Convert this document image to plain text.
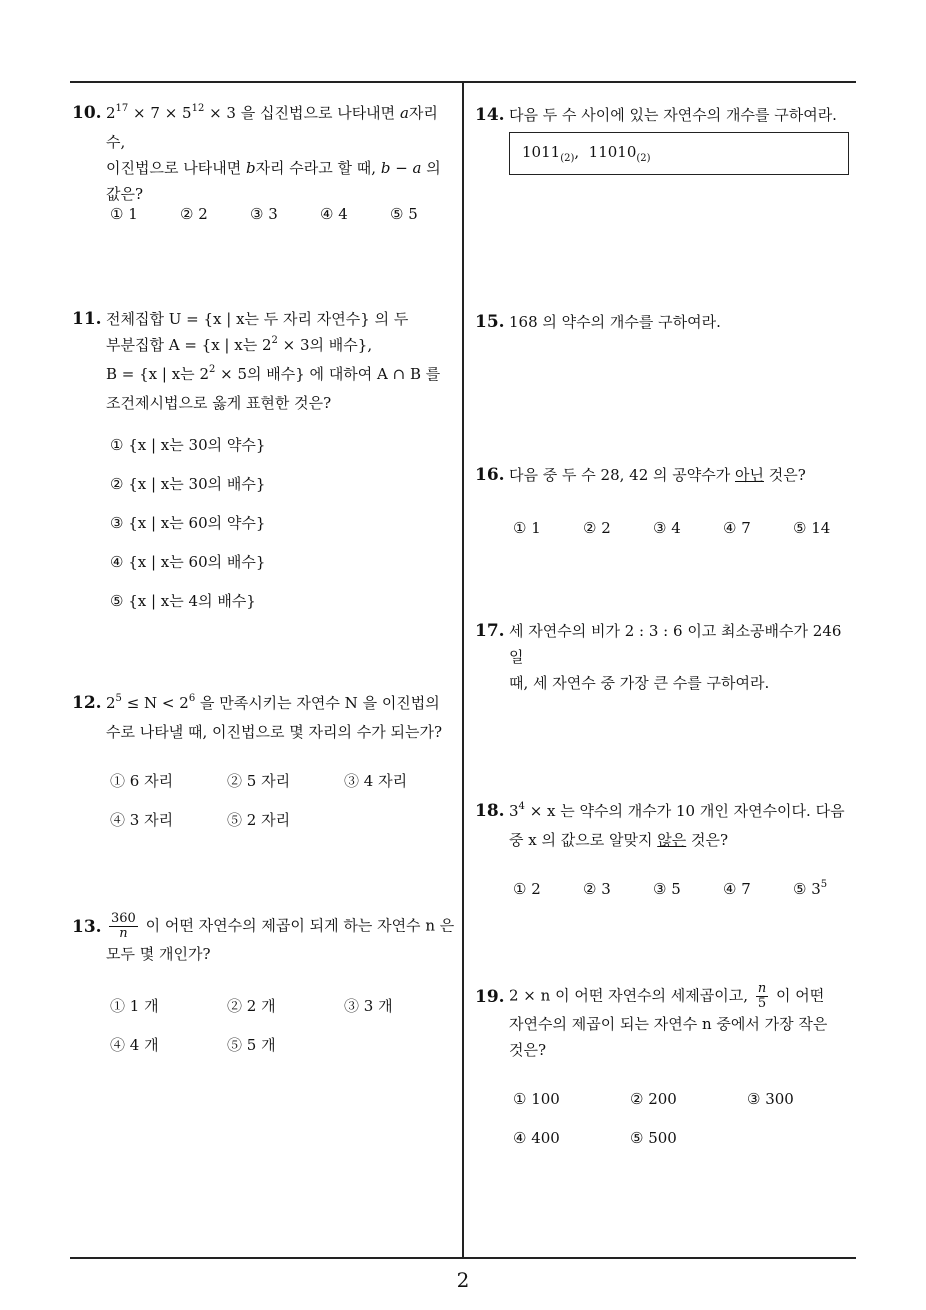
2
10. $2^{17} \times 7 \times 5^{12} \times 3$ 을 십진법으로 나타내면 a자리 수,
이진법으로 나타내면 b자리 수라고 할 때, b − a 의
값은?
① 1	② 2	③ 3	④ 4	⑤ 5
11. 전체집합 U = {x | x는 두 자리 자연수} 의 두
부분집합 A = {x | x는 $2^2 \times 3$의 배수},
B = {x | x는 $2^2 \times 5$의 배수} 에 대하여 A ∩ B 를
조건제시법으로 옳게 표현한 것은?
① {x | x는 30의 약수}
② {x | x는 30의 배수}
③ {x | x는 60의 약수}
④ {x | x는 60의 배수}
⑤ {x | x는 4의 배수}
12. $2^5 \le N < 2^6$ 을 만족시키는 자연수 N 을 이진법의
수로 나타낼 때, 이진법으로 몇 자리의 수가 되는가?
① 6 자리	② 5 자리	③ 4 자리
④ 3 자리	⑤ 2 자리
13. $\frac{360}{n}$ 이 어떤 자연수의 제곱이 되게 하는 자연수 n 은
모두 몇 개인가?
① 1 개	② 2 개	③ 3 개
④ 4 개	⑤ 5 개
14. 다음 두 수 사이에 있는 자연수의 개수를 구하여라.
$1011_{(2)}$,  $11010_{(2)}$
15. 168 의 약수의 개수를 구하여라.
16. 다음 중 두 수 28, 42 의 공약수가 아닌 것은?
① 1	② 2	③ 4	④ 7	⑤ 14
17. 세 자연수의 비가 2 : 3 : 6 이고 최소공배수가 246 일
때, 세 자연수 중 가장 큰 수를 구하여라.
18. $3^4 \times x$ 는 약수의 개수가 10 개인 자연수이다. 다음
중 x 의 값으로 알맞지 않은 것은?
① 2	② 3	③ 5	④ 7	⑤ $3^5$
19. 2 × n 이 어떤 자연수의 세제곱이고, $\frac{n}{5}$ 이 어떤
자연수의 제곱이 되는 자연수 n 중에서 가장 작은
것은?
① 100	② 200	③ 300
④ 400	⑤ 500
